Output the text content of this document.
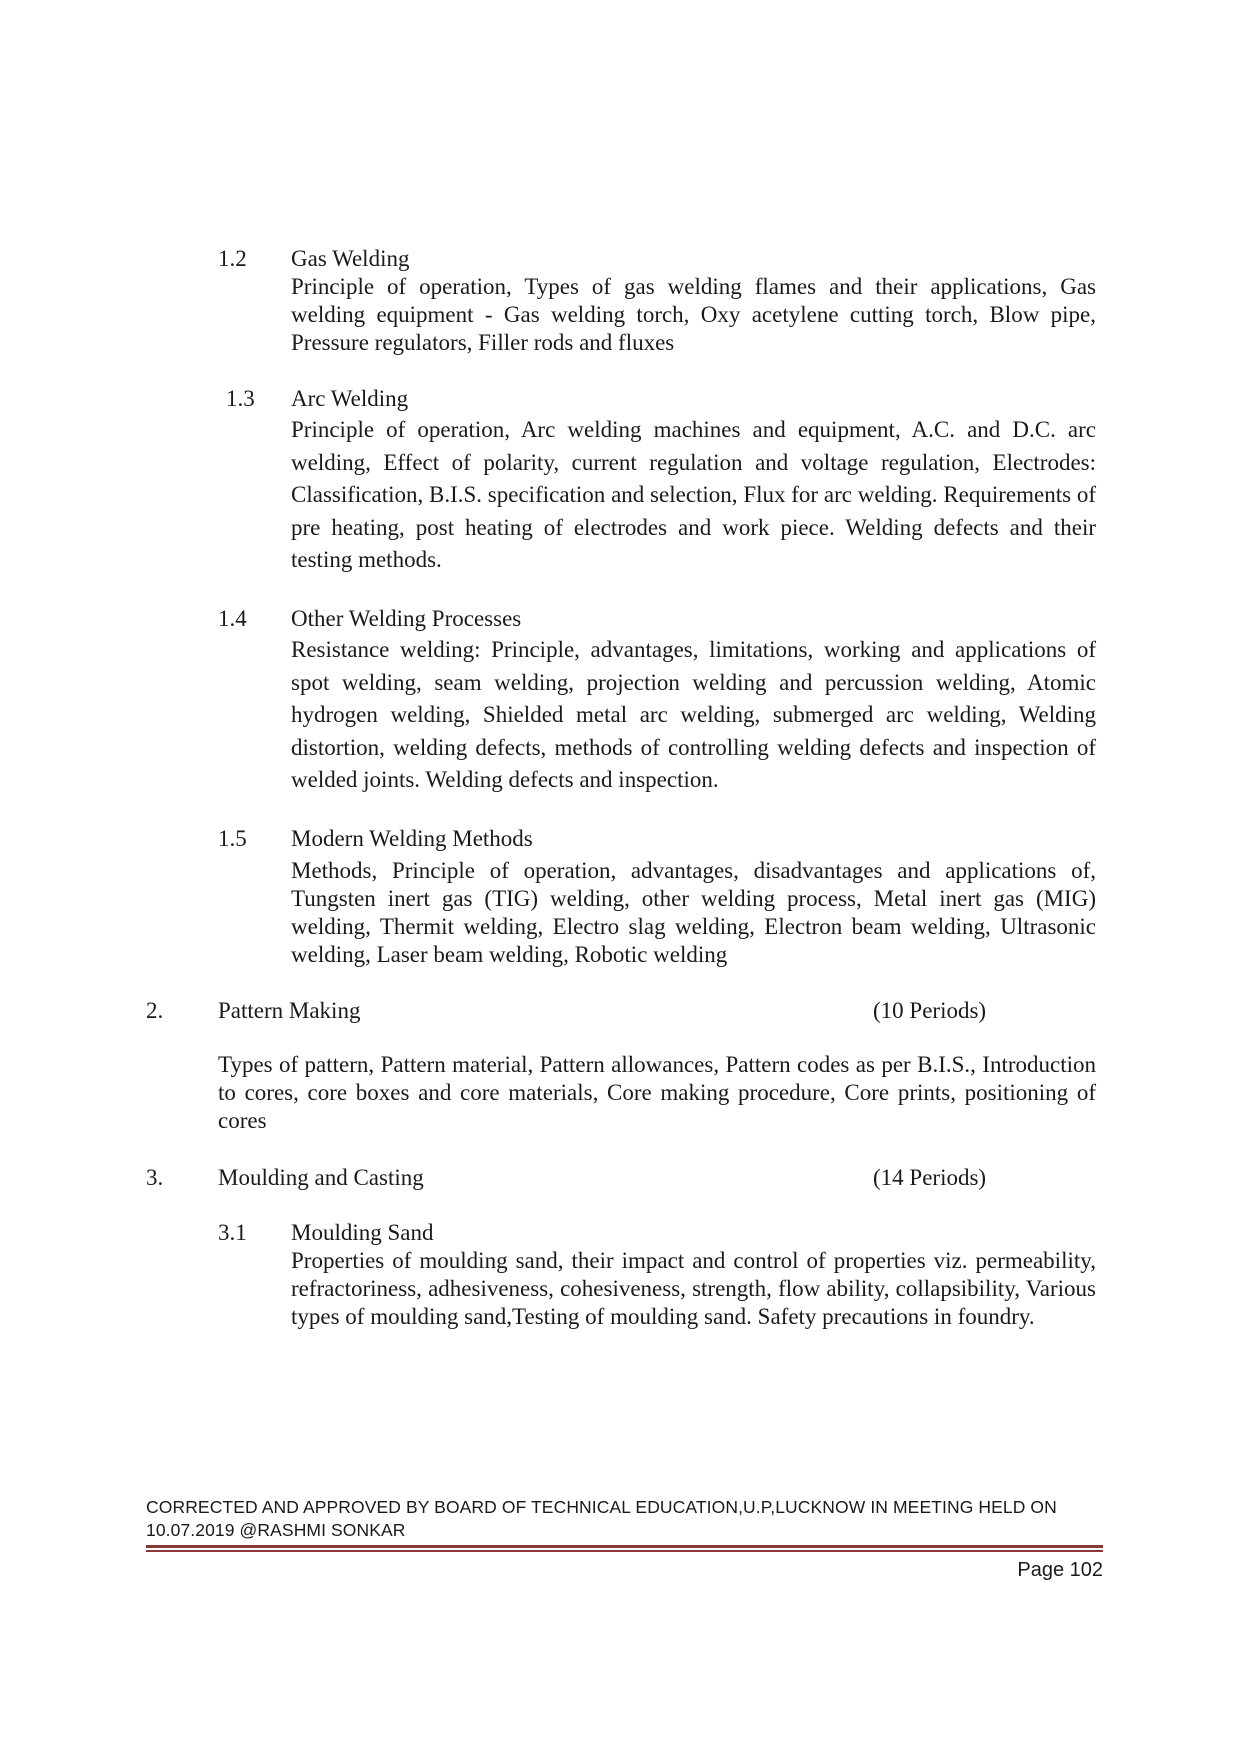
1.2 Gas Welding
Principle of operation, Types of gas welding flames and their applications, Gas welding equipment - Gas welding torch, Oxy acetylene cutting torch, Blow pipe, Pressure regulators, Filler rods and fluxes
1.3 Arc Welding
Principle of operation, Arc welding machines and equipment, A.C. and D.C. arc welding, Effect of polarity, current regulation and voltage regulation, Electrodes: Classification, B.I.S. specification and selection, Flux for arc welding. Requirements of pre heating, post heating of electrodes and work piece. Welding defects and their testing methods.
1.4 Other Welding Processes
Resistance welding: Principle, advantages, limitations, working and applications of spot welding, seam welding, projection welding and percussion welding, Atomic hydrogen welding, Shielded metal arc welding, submerged arc welding, Welding distortion, welding defects, methods of controlling welding defects and inspection of welded joints. Welding defects and inspection.
1.5 Modern Welding Methods
Methods, Principle of operation, advantages, disadvantages and applications of, Tungsten inert gas (TIG) welding, other welding process, Metal inert gas (MIG) welding, Thermit welding, Electro slag welding, Electron beam welding, Ultrasonic welding, Laser beam welding, Robotic welding
2. Pattern Making	(10 Periods)
Types of pattern, Pattern material, Pattern allowances, Pattern codes as per B.I.S., Introduction to cores, core boxes and core materials, Core making procedure, Core prints, positioning of cores
3. Moulding and Casting	(14 Periods)
3.1 Moulding Sand
Properties of moulding sand, their impact and control of properties viz. permeability, refractoriness, adhesiveness, cohesiveness, strength, flow ability, collapsibility, Various types of moulding sand,Testing of moulding sand. Safety precautions in foundry.
CORRECTED AND APPROVED BY BOARD OF TECHNICAL EDUCATION,U.P,LUCKNOW IN MEETING HELD ON
10.07.2019 @RASHMI SONKAR
Page 102
